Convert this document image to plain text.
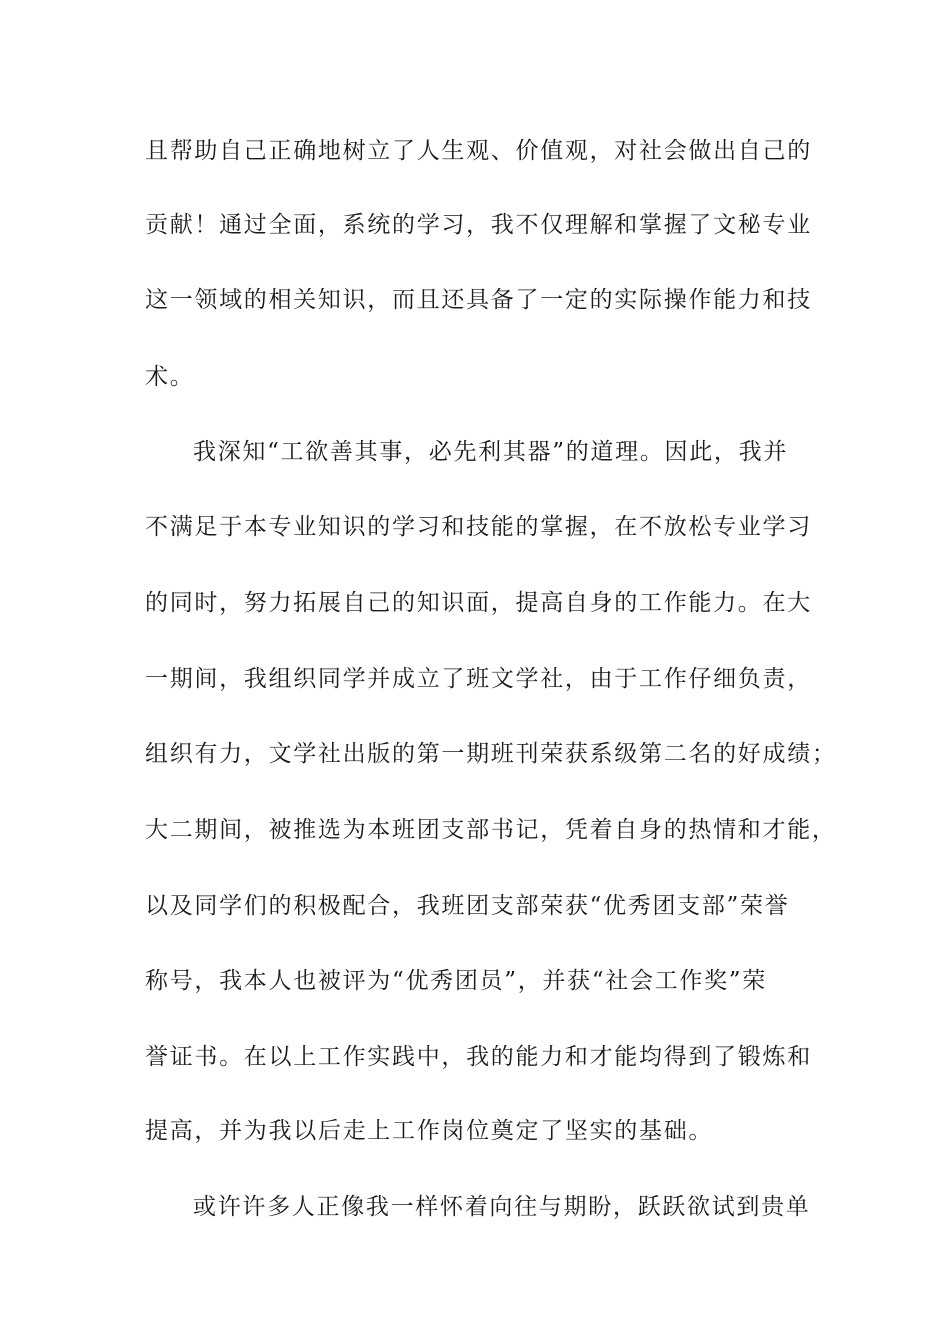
且帮助自己正确地树立了人生观、价值观，对社会做出自己的
贡献！通过全面，系统的学习，我不仅理解和掌握了文秘专业
这一领域的相关知识，而且还具备了一定的实际操作能力和技
术。
我深知“工欲善其事，必先利其器”的道理。因此，我并
不满足于本专业知识的学习和技能的掌握，在不放松专业学习
的同时，努力拓展自己的知识面，提高自身的工作能力。在大
一期间，我组织同学并成立了班文学社，由于工作仔细负责，
组织有力，文学社出版的第一期班刊荣获系级第二名的好成绩；
大二期间，被推选为本班团支部书记，凭着自身的热情和才能，
以及同学们的积极配合，我班团支部荣获“优秀团支部”荣誉
称号，我本人也被评为“优秀团员”，并获“社会工作奖”荣
誉证书。在以上工作实践中，我的能力和才能均得到了锻炼和
提高，并为我以后走上工作岗位奠定了坚实的基础。
或许许多人正像我一样怀着向往与期盼，跃跃欲试到贵单
